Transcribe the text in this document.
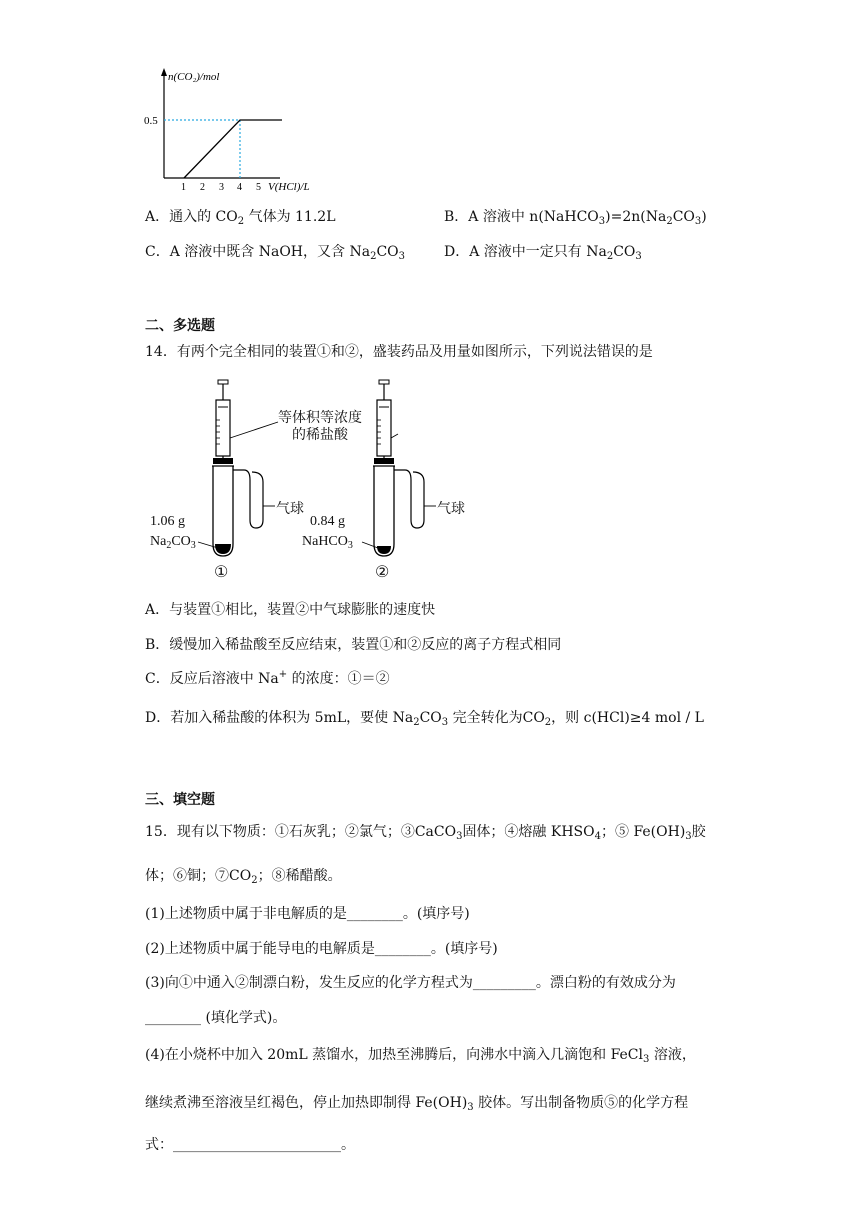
n(CO₂)/mol
0.5
1 2 3 4 5 V(HCl)/L
A．通入的 $CO_2$ 气体为 11.2L	B．A 溶液中 $n(NaHCO_3)=2n(Na_2CO_3)$
C．A 溶液中既含 NaOH，又含 $Na_2CO_3$	D．A 溶液中一定只有 $Na_2CO_3$
二、多选题
14．有两个完全相同的装置①和②，盛装药品及用量如图所示，下列说法错误的是
等体积等浓度
的稀盐酸
气球	气球
1.06 g
$Na_2CO_3$
0.84 g
NaHCO$_3$
①	②
A．与装置①相比，装置②中气球膨胀的速度快
B．缓慢加入稀盐酸至反应结束，装置①和②反应的离子方程式相同
C．反应后溶液中 Na+ 的浓度：①＝②
D．若加入稀盐酸的体积为 5mL，要使 $Na_2CO_3$ 完全转化为$CO_2$，则 c(HCl)≥4 mol / L
三、填空题
15．现有以下物质：①石灰乳；②氯气；③CaCO$_3$固体；④熔融 $KHSO_4$；⑤ $Fe(OH)_3$胶
体；⑥铜；$⑦CO_2$；⑧稀醋酸。
(1)上述物质中属于非电解质的是________。(填序号)
(2)上述物质中属于能导电的电解质是________。(填序号)
(3)向①中通入②制漂白粉，发生反应的化学方程式为_________。漂白粉的有效成分为
________ (填化学式)。
(4)在小烧杯中加入 20mL 蒸馏水，加热至沸腾后，向沸水中滴入几滴饱和 FeCl$_3$ 溶液，
继续煮沸至溶液呈红褐色，停止加热即制得 $Fe(OH)_3$ 胶体。写出制备物质⑤的化学方程
式：________________________。
